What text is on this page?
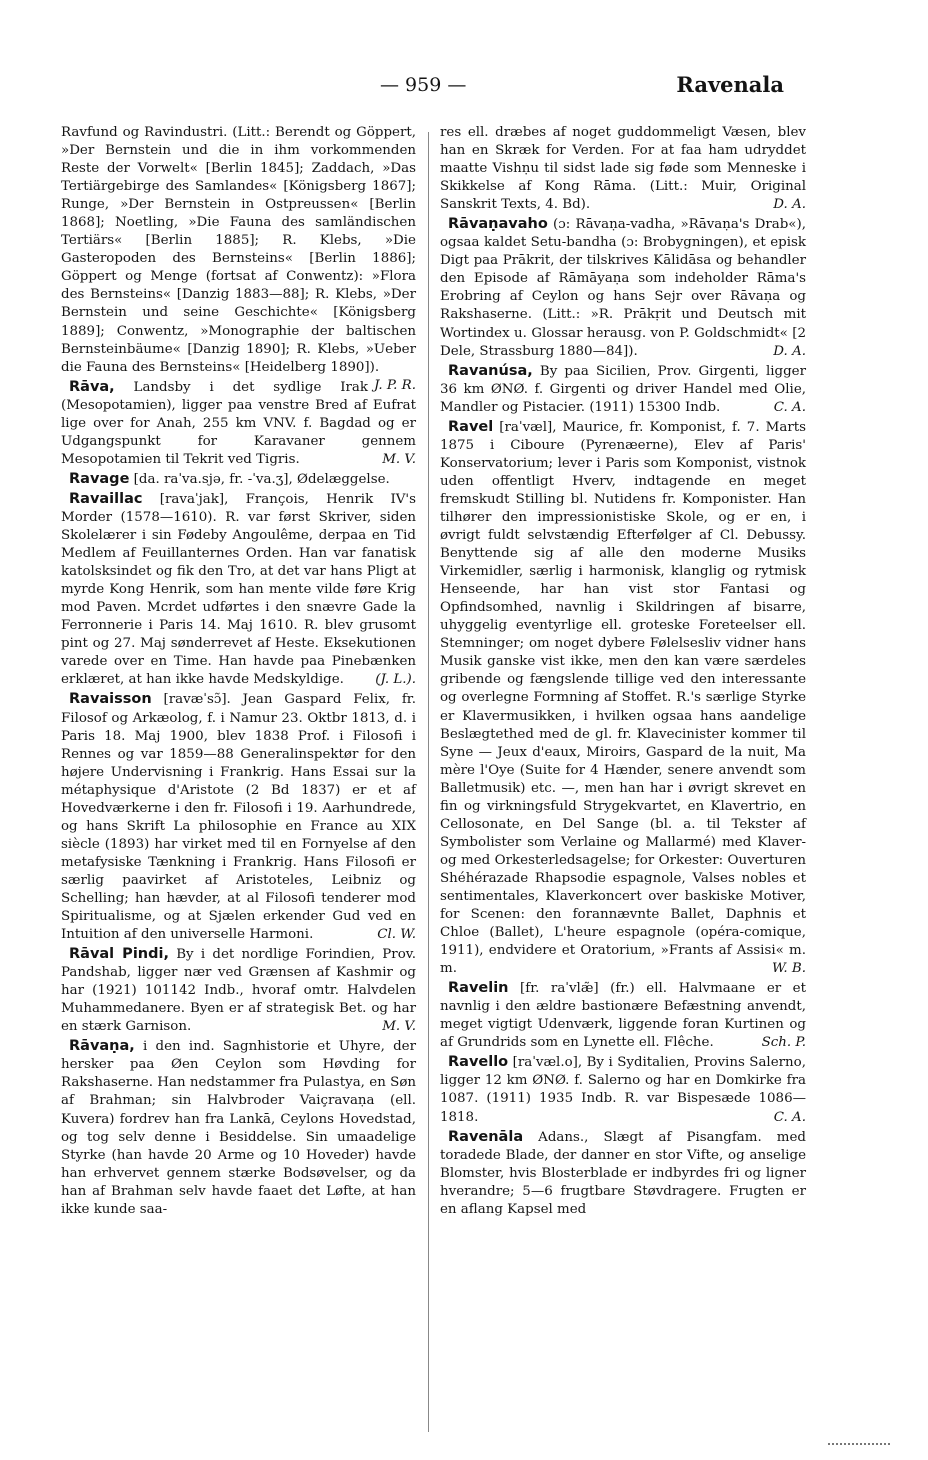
— 959 —	Ravenala

Ravfund og Ravindustri. (Litt.: Berendt og Göppert, »Der Bernstein und die in ihm vorkommenden Reste der Vorwelt« [Berlin 1845]; Zaddach, »Das Tertiärgebirge des Samlandes« [Königsberg 1867]; Runge, »Der Bernstein in Ostpreussen« [Berlin 1868]; Noetling, »Die Fauna des samländischen Tertiärs« [Berlin 1885]; R. Klebs, »Die Gasteropoden des Bernsteins« [Berlin 1886]; Göppert og Menge (fortsat af Conwentz): »Flora des Bernsteins« [Danzig 1883—88]; R. Klebs, »Der Bernstein und seine Geschichte« [Königsberg 1889]; Conwentz, »Monographie der baltischen Bernsteinbäume« [Danzig 1890]; R. Klebs, »Ueber die Fauna des Bernsteins« [Heidelberg 1890]).
J. P. R.

Rāva, Landsby i det sydlige Irak (Mesopotamien), ligger paa venstre Bred af Eufrat lige over for Anah, 255 km VNV. f. Bagdad og er Udgangspunkt for Karavaner gennem Mesopotamien til Tekrit ved Tigris.	M. V.

Ravage [da. raˈva.sjə, fr. -ˈva.ʒ], Ødelæggelse.

Ravaillac [ravaˈjak], François, Henrik IV's Morder (1578—1610). R. var først Skriver, siden Skolelærer i sin Fødeby Angoulême, derpaa en Tid Medlem af Feuillanternes Orden. Han var fanatisk katolsksindet og fik den Tro, at det var hans Pligt at myrde Kong Henrik, som han mente vilde føre Krig mod Paven. Mcrdet udførtes i den snævre Gade la Ferronnerie i Paris 14. Maj 1610. R. blev grusomt pint og 27. Maj sønderrevet af Heste. Eksekutionen varede over en Time. Han havde paa Pinebænken erklæret, at han ikke havde Medskyldige.	(J. L.).

Ravaisson [ravæˈsɔ̃]. Jean Gaspard Felix, fr. Filosof og Arkæolog, f. i Namur 23. Oktbr 1813, d. i Paris 18. Maj 1900, blev 1838 Prof. i Filosofi i Rennes og var 1859—88 Generalinspektør for den højere Undervisning i Frankrig. Hans Essai sur la métaphysique d'Aristote (2 Bd 1837) er et af Hovedværkerne i den fr. Filosofi i 19. Aarhundrede, og hans Skrift La philosophie en France au XIX siècle (1893) har virket med til en Fornyelse af den metafysiske Tænkning i Frankrig. Hans Filosofi er særlig paavirket af Aristoteles, Leibniz og Schelling; han hævder, at al Filosofi tenderer mod Spiritualisme, og at Sjælen erkender Gud ved en Intuition af den universelle Harmoni.	Cl. W.

Rāval Pindi, By i det nordlige Forindien, Prov. Pandshab, ligger nær ved Grænsen af Kashmir og har (1921) 101142 Indb., hvoraf omtr. Halvdelen Muhammedanere. Byen er af strategisk Bet. og har en stærk Garnison.	M. V.

Rāvaṇa, i den ind. Sagnhistorie et Uhyre, der hersker paa Øen Ceylon som Høvding for Rakshaserne. Han nedstammer fra Pulastya, en Søn af Brahman; sin Halvbroder Vaiçravaṇa (ell. Kuvera) fordrev han fra Lankā, Ceylons Hovedstad, og tog selv denne i Besiddelse. Sin umaadelige Styrke (han havde 20 Arme og 10 Hoveder) havde han erhvervet gennem stærke Bodsøvelser, og da han af Brahman selv havde faaet det Løfte, at han ikke kunde saa-

res ell. dræbes af noget guddommeligt Væsen, blev han en Skræk for Verden. For at faa ham udryddet maatte Vishṇu til sidst lade sig føde som Menneske i Skikkelse af Kong Rāma. (Litt.: Muir, Original Sanskrit Texts, 4. Bd).	D. A.

Rāvaṇavaho (ɔ: Rāvaṇa-vadha, »Rāvaṇa's Drab«), ogsaa kaldet Setu-bandha (ɔ: Brobygningen), et episk Digt paa Prākrit, der tilskrives Kālidāsa og behandler den Episode af Rāmāyaṇa som indeholder Rāma's Erobring af Ceylon og hans Sejr over Rāvaṇa og Rakshaserne. (Litt.: »R. Prākṛit und Deutsch mit Wortindex u. Glossar herausg. von P. Goldschmidt« [2 Dele, Strassburg 1880—84]).	D. A.

Ravanúsa, By paa Sicilien, Prov. Girgenti, ligger 36 km ØNØ. f. Girgenti og driver Handel med Olie, Mandler og Pistacier. (1911) 15300 Indb.	C. A.

Ravel [raˈvæl], Maurice, fr. Komponist, f. 7. Marts 1875 i Ciboure (Pyrenæerne), Elev af Paris' Konservatorium; lever i Paris som Komponist, vistnok uden offentligt Hverv, indtagende en meget fremskudt Stilling bl. Nutidens fr. Komponister. Han tilhører den impressionistiske Skole, og er en, i øvrigt fuldt selvstændig Efterfølger af Cl. Debussy. Benyttende sig af alle den moderne Musiks Virkemidler, særlig i harmonisk, klanglig og rytmisk Henseende, har han vist stor Fantasi og Opfindsomhed, navnlig i Skildringen af bisarre, uhyggelig eventyrlige ell. groteske Foreteelser ell. Stemninger; om noget dybere Følelsesliv vidner hans Musik ganske vist ikke, men den kan være særdeles gribende og fængslende tillige ved den interessante og overlegne Formning af Stoffet. R.'s særlige Styrke er Klavermusikken, i hvilken ogsaa hans aandelige Beslægtethed med de gl. fr. Klavecinister kommer til Syne — Jeux d'eaux, Miroirs, Gaspard de la nuit, Ma mère l'Oye (Suite for 4 Hænder, senere anvendt som Balletmusik) etc. —, men han har i øvrigt skrevet en fin og virkningsfuld Strygekvartet, en Klavertrio, en Cellosonate, en Del Sange (bl. a. til Tekster af Symbolister som Verlaine og Mallarmé) med Klaver- og med Orkesterledsagelse; for Orkester: Ouverturen Shéhérazade Rhapsodie espagnole, Valses nobles et sentimentales, Klaverkoncert over baskiske Motiver, for Scenen: den forannævnte Ballet, Daphnis et Chloe (Ballet), L'heure espagnole (opéra-comique, 1911), endvidere et Oratorium, »Frants af Assisi« m. m.	W. B.

Ravelin [fr. raˈvlæ̃] (fr.) ell. Halvmaane er et navnlig i den ældre bastionære Befæstning anvendt, meget vigtigt Udenværk, liggende foran Kurtinen og af Grundrids som en Lynette ell. Flêche.	Sch. P.

Ravello [raˈvæl.o], By i Syditalien, Provins Salerno, ligger 12 km ØNØ. f. Salerno og har en Domkirke fra 1087. (1911) 1935 Indb. R. var Bispesæde 1086—1818.	C. A.

Ravenāla Adans., Slægt af Pisangfam. med toradede Blade, der danner en stor Vifte, og anselige Blomster, hvis Blosterblade er indbyrdes fri og ligner hverandre; 5—6 frugtbare Støvdragere. Frugten er en aflang Kapsel med
